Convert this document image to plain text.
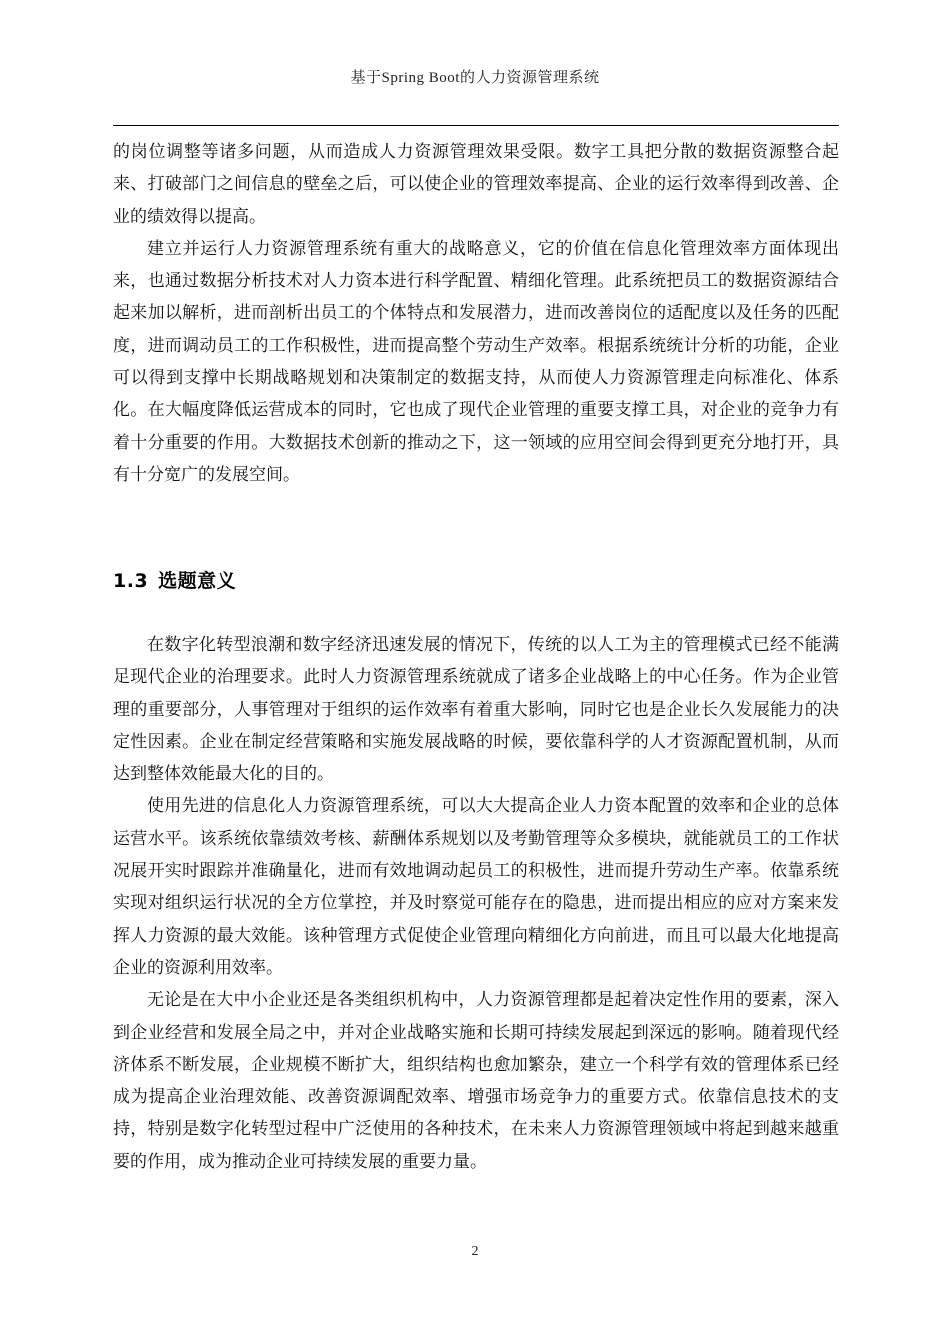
基于Spring Boot的人力资源管理系统

的岗位调整等诸多问题，从而造成人力资源管理效果受限。数字工具把分散的数据资源整合起来、打破部门之间信息的壁垒之后，可以使企业的管理效率提高、企业的运行效率得到改善、企业的绩效得以提高。

建立并运行人力资源管理系统有重大的战略意义，它的价值在信息化管理效率方面体现出来，也通过数据分析技术对人力资本进行科学配置、精细化管理。此系统把员工的数据资源结合起来加以解析，进而剖析出员工的个体特点和发展潜力，进而改善岗位的适配度以及任务的匹配度，进而调动员工的工作积极性，进而提高整个劳动生产效率。根据系统统计分析的功能，企业可以得到支撑中长期战略规划和决策制定的数据支持，从而使人力资源管理走向标准化、体系化。在大幅度降低运营成本的同时，它也成了现代企业管理的重要支撑工具，对企业的竞争力有着十分重要的作用。大数据技术创新的推动之下，这一领域的应用空间会得到更充分地打开，具有十分宽广的发展空间。

1.3 选题意义

在数字化转型浪潮和数字经济迅速发展的情况下，传统的以人工为主的管理模式已经不能满足现代企业的治理要求。此时人力资源管理系统就成了诸多企业战略上的中心任务。作为企业管理的重要部分，人事管理对于组织的运作效率有着重大影响，同时它也是企业长久发展能力的决定性因素。企业在制定经营策略和实施发展战略的时候，要依靠科学的人才资源配置机制，从而达到整体效能最大化的目的。

使用先进的信息化人力资源管理系统，可以大大提高企业人力资本配置的效率和企业的总体运营水平。该系统依靠绩效考核、薪酬体系规划以及考勤管理等众多模块，就能就员工的工作状况展开实时跟踪并准确量化，进而有效地调动起员工的积极性，进而提升劳动生产率。依靠系统实现对组织运行状况的全方位掌控，并及时察觉可能存在的隐患，进而提出相应的应对方案来发挥人力资源的最大效能。该种管理方式促使企业管理向精细化方向前进，而且可以最大化地提高企业的资源利用效率。

无论是在大中小企业还是各类组织机构中，人力资源管理都是起着决定性作用的要素，深入到企业经营和发展全局之中，并对企业战略实施和长期可持续发展起到深远的影响。随着现代经济体系不断发展，企业规模不断扩大，组织结构也愈加繁杂，建立一个科学有效的管理体系已经成为提高企业治理效能、改善资源调配效率、增强市场竞争力的重要方式。依靠信息技术的支持，特别是数字化转型过程中广泛使用的各种技术，在未来人力资源管理领域中将起到越来越重要的作用，成为推动企业可持续发展的重要力量。

2
